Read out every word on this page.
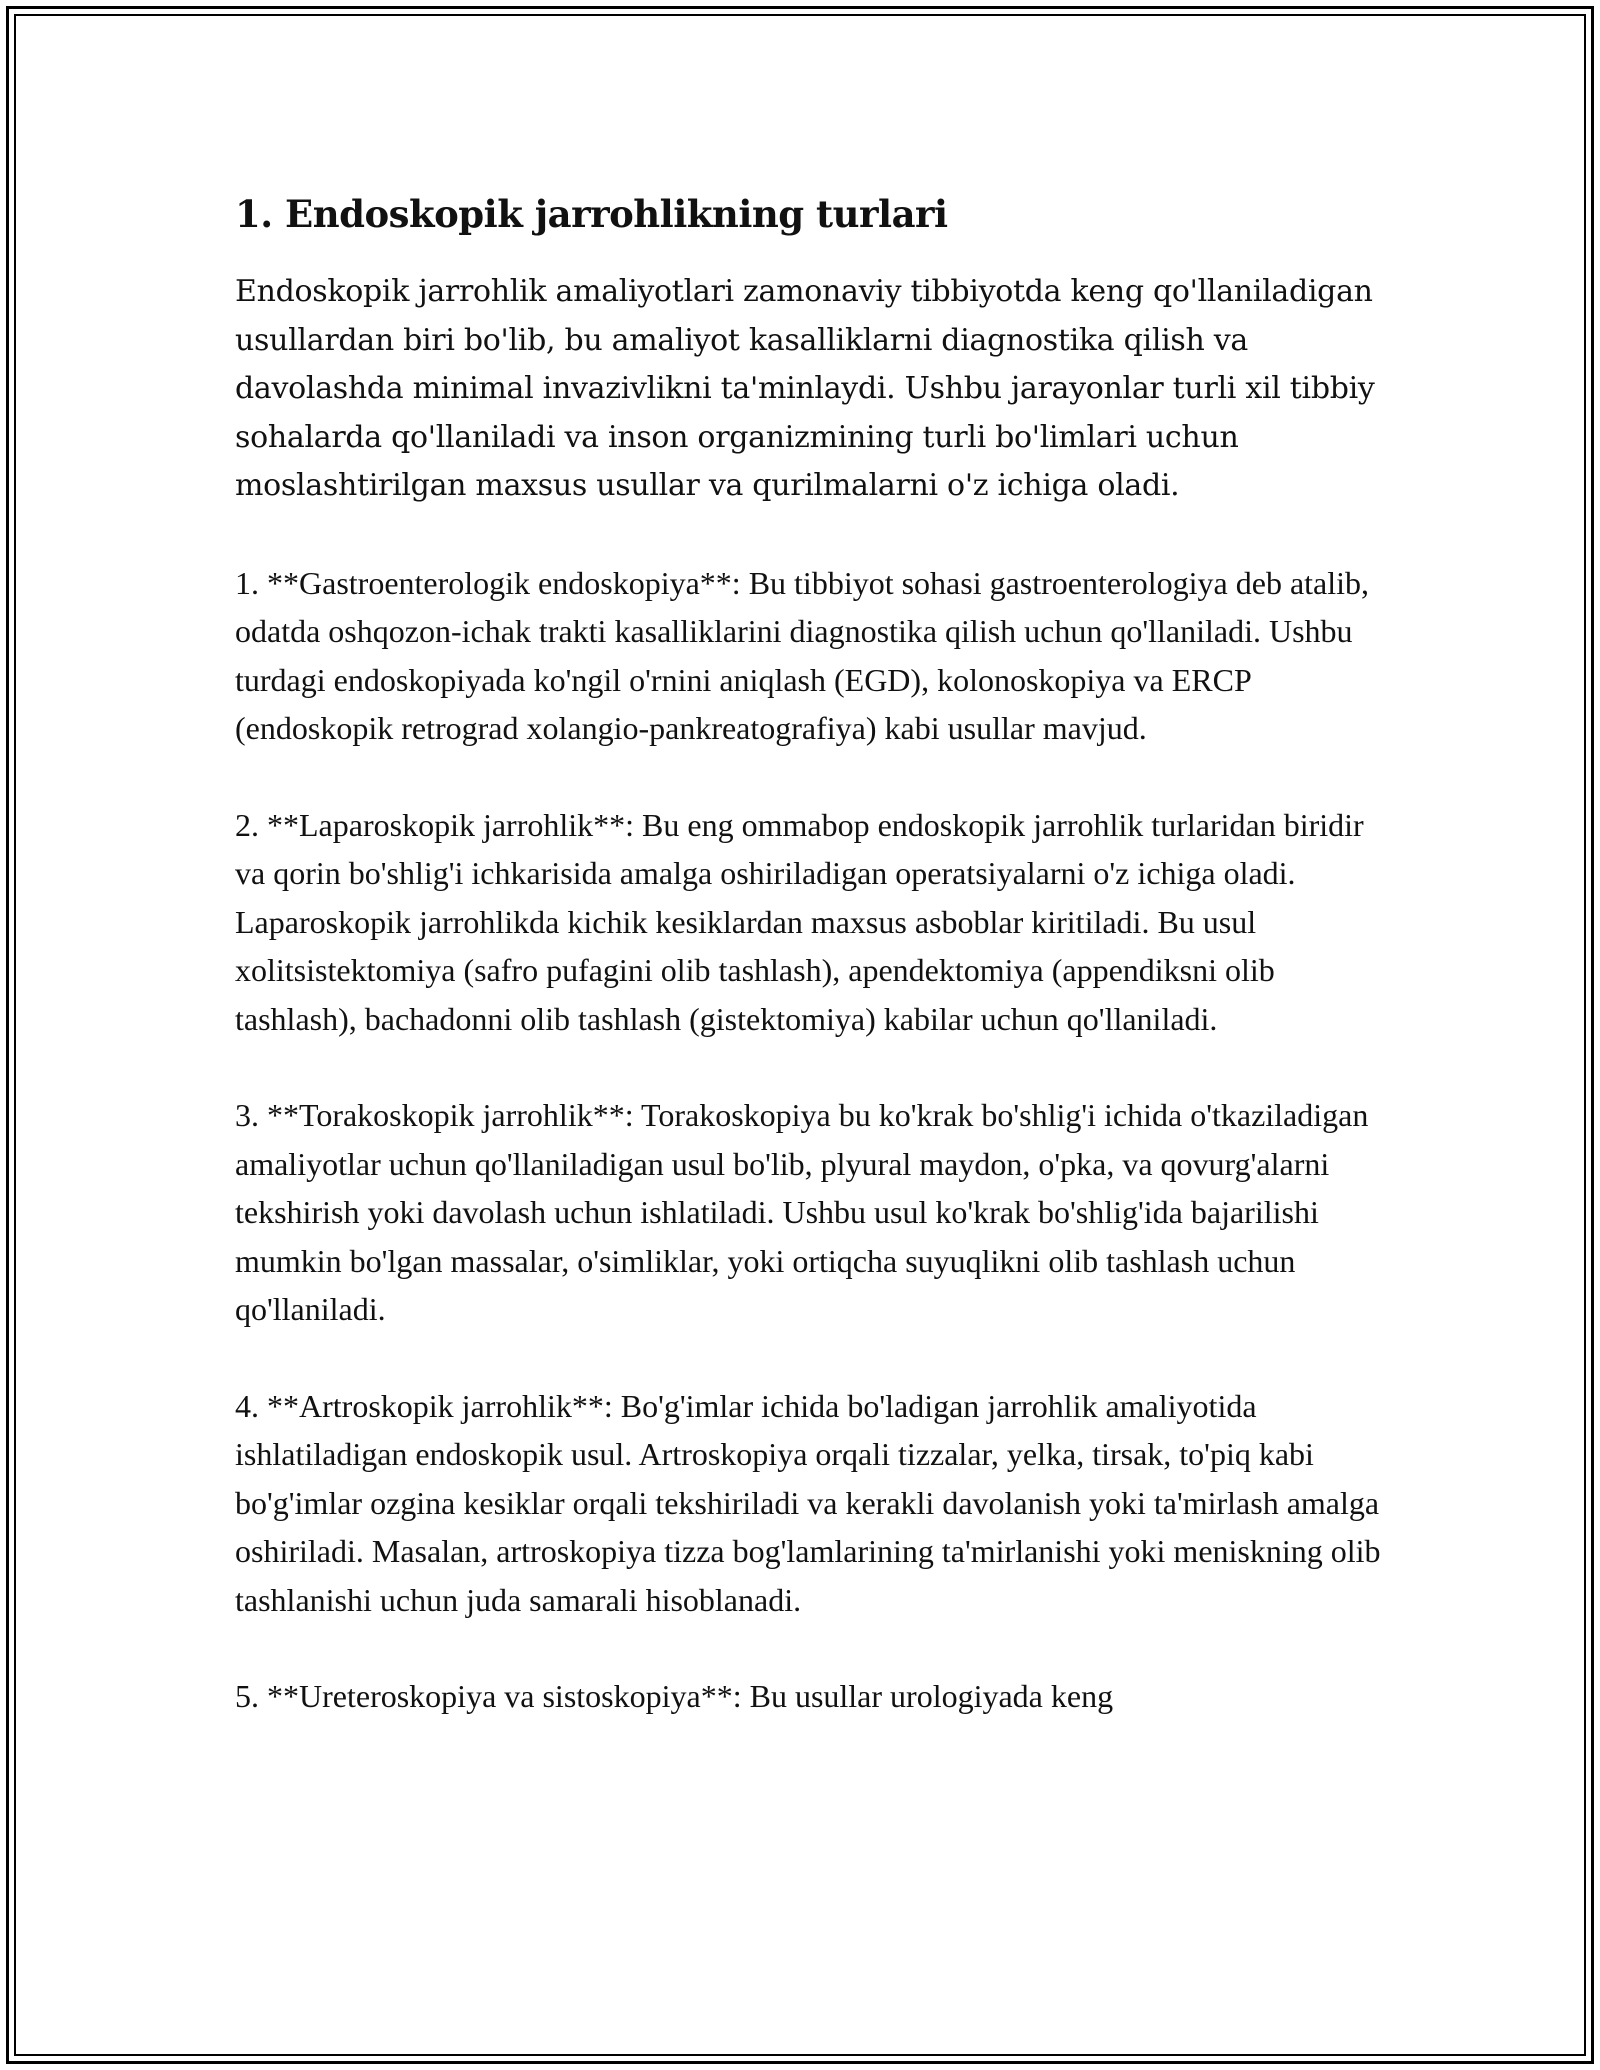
1. Endoskopik jarrohlikning turlari

Endoskopik jarrohlik amaliyotlari zamonaviy tibbiyotda keng qo'llaniladigan usullardan biri bo'lib, bu amaliyot kasalliklarni diagnostika qilish va davolashda minimal invazivlikni ta'minlaydi. Ushbu jarayonlar turli xil tibbiy sohalarda qo'llaniladi va inson organizmining turli bo'limlari uchun moslashtirilgan maxsus usullar va qurilmalarni o'z ichiga oladi.

1. **Gastroenterologik endoskopiya**: Bu tibbiyot sohasi gastroenterologiya deb atalib, odatda oshqozon-ichak trakti kasalliklarini diagnostika qilish uchun qo'llaniladi. Ushbu turdagi endoskopiyada ko'ngil o'rnini aniqlash (EGD), kolonoskopiya va ERCP (endoskopik retrograd xolangio-pankreatografiya) kabi usullar mavjud.

2. **Laparoskopik jarrohlik**: Bu eng ommabop endoskopik jarrohlik turlaridan biridir va qorin bo'shlig'i ichkarisida amalga oshiriladigan operatsiyalarni o'z ichiga oladi. Laparoskopik jarrohlikda kichik kesiklardan maxsus asboblar kiritiladi. Bu usul xolitsistektomiya (safro pufagini olib tashlash), apendektomiya (appendiksni olib tashlash), bachadonni olib tashlash (gistektomiya) kabilar uchun qo'llaniladi.

3. **Torakoskopik jarrohlik**: Torakoskopiya bu ko'krak bo'shlig'i ichida o'tkaziladigan amaliyotlar uchun qo'llaniladigan usul bo'lib, plyural maydon, o'pka, va qovurg'alarni tekshirish yoki davolash uchun ishlatiladi. Ushbu usul ko'krak bo'shlig'ida bajarilishi mumkin bo'lgan massalar, o'simliklar, yoki ortiqcha suyuqlikni olib tashlash uchun qo'llaniladi.

4. **Artroskopik jarrohlik**: Bo'g'imlar ichida bo'ladigan jarrohlik amaliyotida ishlatiladigan endoskopik usul. Artroskopiya orqali tizzalar, yelka, tirsak, to'piq kabi bo'g'imlar ozgina kesiklar orqali tekshiriladi va kerakli davolanish yoki ta'mirlash amalga oshiriladi. Masalan, artroskopiya tizza bog'lamlarining ta'mirlanishi yoki meniskning olib tashlanishi uchun juda samarali hisoblanadi.

5. **Ureteroskopiya va sistoskopiya**: Bu usullar urologiyada keng
